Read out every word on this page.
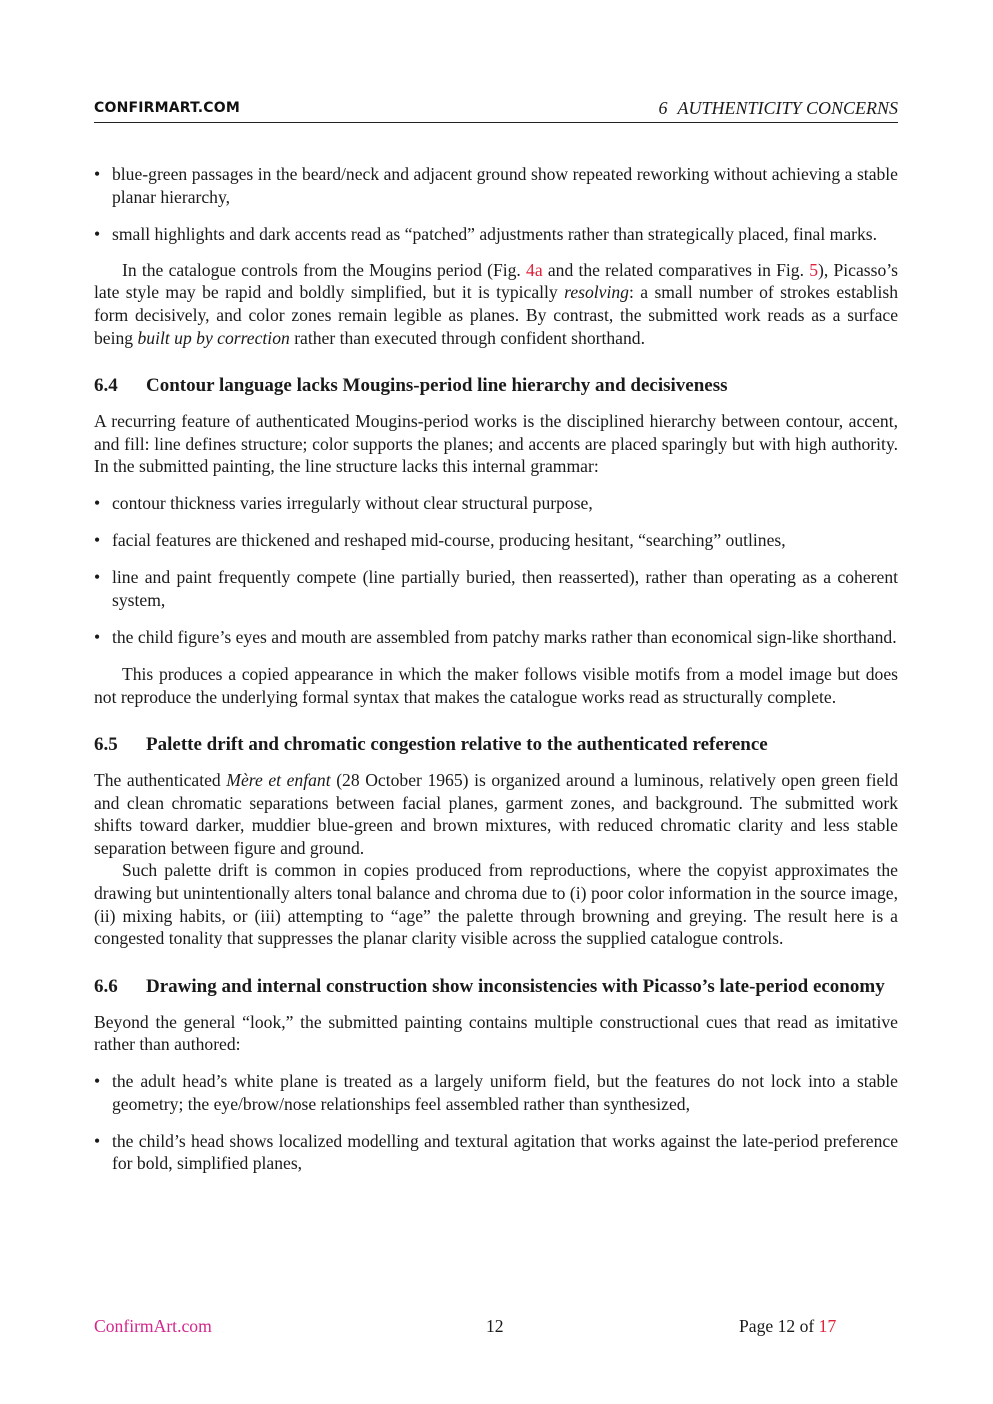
CONFIRMART.COM	6 AUTHENTICITY CONCERNS
• blue-green passages in the beard/neck and adjacent ground show repeated reworking without achieving a stable planar hierarchy,
• small highlights and dark accents read as “patched” adjustments rather than strategically placed, final marks.

In the catalogue controls from the Mougins period (Fig. 4a and the related comparatives in Fig. 5), Picasso’s late style may be rapid and boldly simplified, but it is typically resolving: a small number of strokes establish form decisively, and color zones remain legible as planes. By contrast, the submitted work reads as a surface being built up by correction rather than executed through confident shorthand.

6.4	Contour language lacks Mougins-period line hierarchy and decisiveness

A recurring feature of authenticated Mougins-period works is the disciplined hierarchy between contour, accent, and fill: line defines structure; color supports the planes; and accents are placed sparingly but with high authority. In the submitted painting, the line structure lacks this internal grammar:

• contour thickness varies irregularly without clear structural purpose,
• facial features are thickened and reshaped mid-course, producing hesitant, “searching” outlines,
• line and paint frequently compete (line partially buried, then reasserted), rather than operating as a coherent system,
• the child figure’s eyes and mouth are assembled from patchy marks rather than economical sign-like shorthand.

This produces a copied appearance in which the maker follows visible motifs from a model image but does not reproduce the underlying formal syntax that makes the catalogue works read as structurally complete.

6.5	Palette drift and chromatic congestion relative to the authenticated reference

The authenticated Mère et enfant (28 October 1965) is organized around a luminous, relatively open green field and clean chromatic separations between facial planes, garment zones, and background. The submitted work shifts toward darker, muddier blue-green and brown mixtures, with reduced chromatic clarity and less stable separation between figure and ground.

Such palette drift is common in copies produced from reproductions, where the copyist approximates the drawing but unintentionally alters tonal balance and chroma due to (i) poor color information in the source image, (ii) mixing habits, or (iii) attempting to “age” the palette through browning and greying. The result here is a congested tonality that suppresses the planar clarity visible across the supplied catalogue controls.

6.6	Drawing and internal construction show inconsistencies with Picasso’s late-period economy

Beyond the general “look,” the submitted painting contains multiple constructional cues that read as imitative rather than authored:

• the adult head’s white plane is treated as a largely uniform field, but the features do not lock into a stable geometry; the eye/brow/nose relationships feel assembled rather than synthesized,
• the child’s head shows localized modelling and textural agitation that works against the late-period preference for bold, simplified planes,
ConfirmArt.com	12	Page 12 of 17
